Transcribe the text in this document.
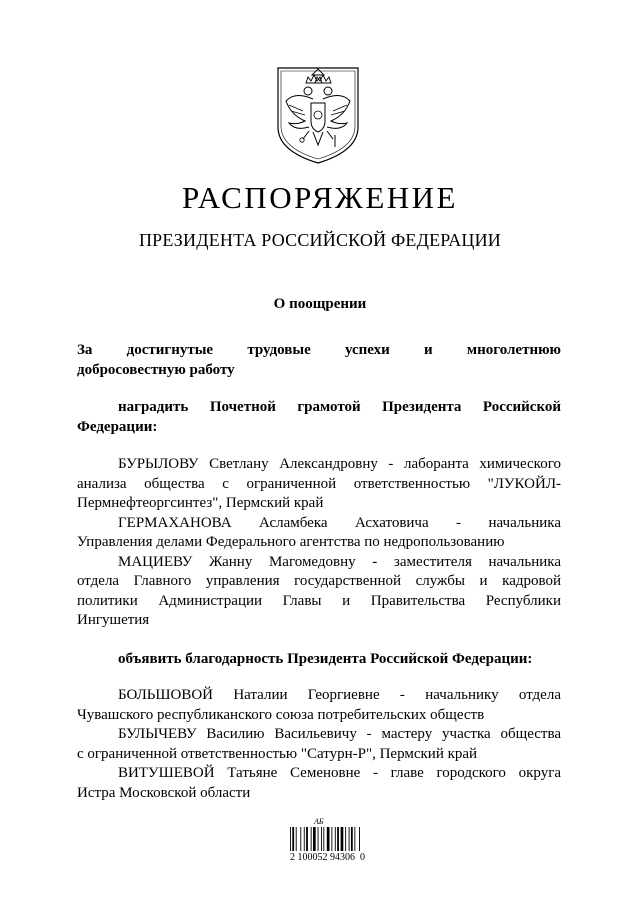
РАСПОРЯЖЕНИЕ
ПРЕЗИДЕНТА РОССИЙСКОЙ ФЕДЕРАЦИИ
О поощрении
За достигнутые трудовые успехи и многолетнюю
добросовестную работу
наградить Почетной грамотой Президента Российской
Федерации:
БУРЫЛОВУ Светлану Александровну - лаборанта химического
анализа общества с ограниченной ответственностью "ЛУКОЙЛ-
Пермнефтеоргсинтез", Пермский край
ГЕРМАХАНОВА Асламбека Асхатовича - начальника
Управления делами Федерального агентства по недропользованию
МАЦИЕВУ Жанну Магомедовну - заместителя начальника
отдела Главного управления государственной службы и кадровой
политики Администрации Главы и Правительства Республики
Ингушетия
объявить благодарность Президента Российской Федерации:
БОЛЬШОВОЙ Наталии Георгиевне - начальнику отдела
Чувашского республиканского союза потребительских обществ
БУЛЫЧЕВУ Василию Васильевичу - мастеру участка общества
с ограниченной ответственностью "Сатурн-Р", Пермский край
ВИТУШЕВОЙ Татьяне Семеновне - главе городского округа
Истра Московской области
АБ
2 100052 94306  0
